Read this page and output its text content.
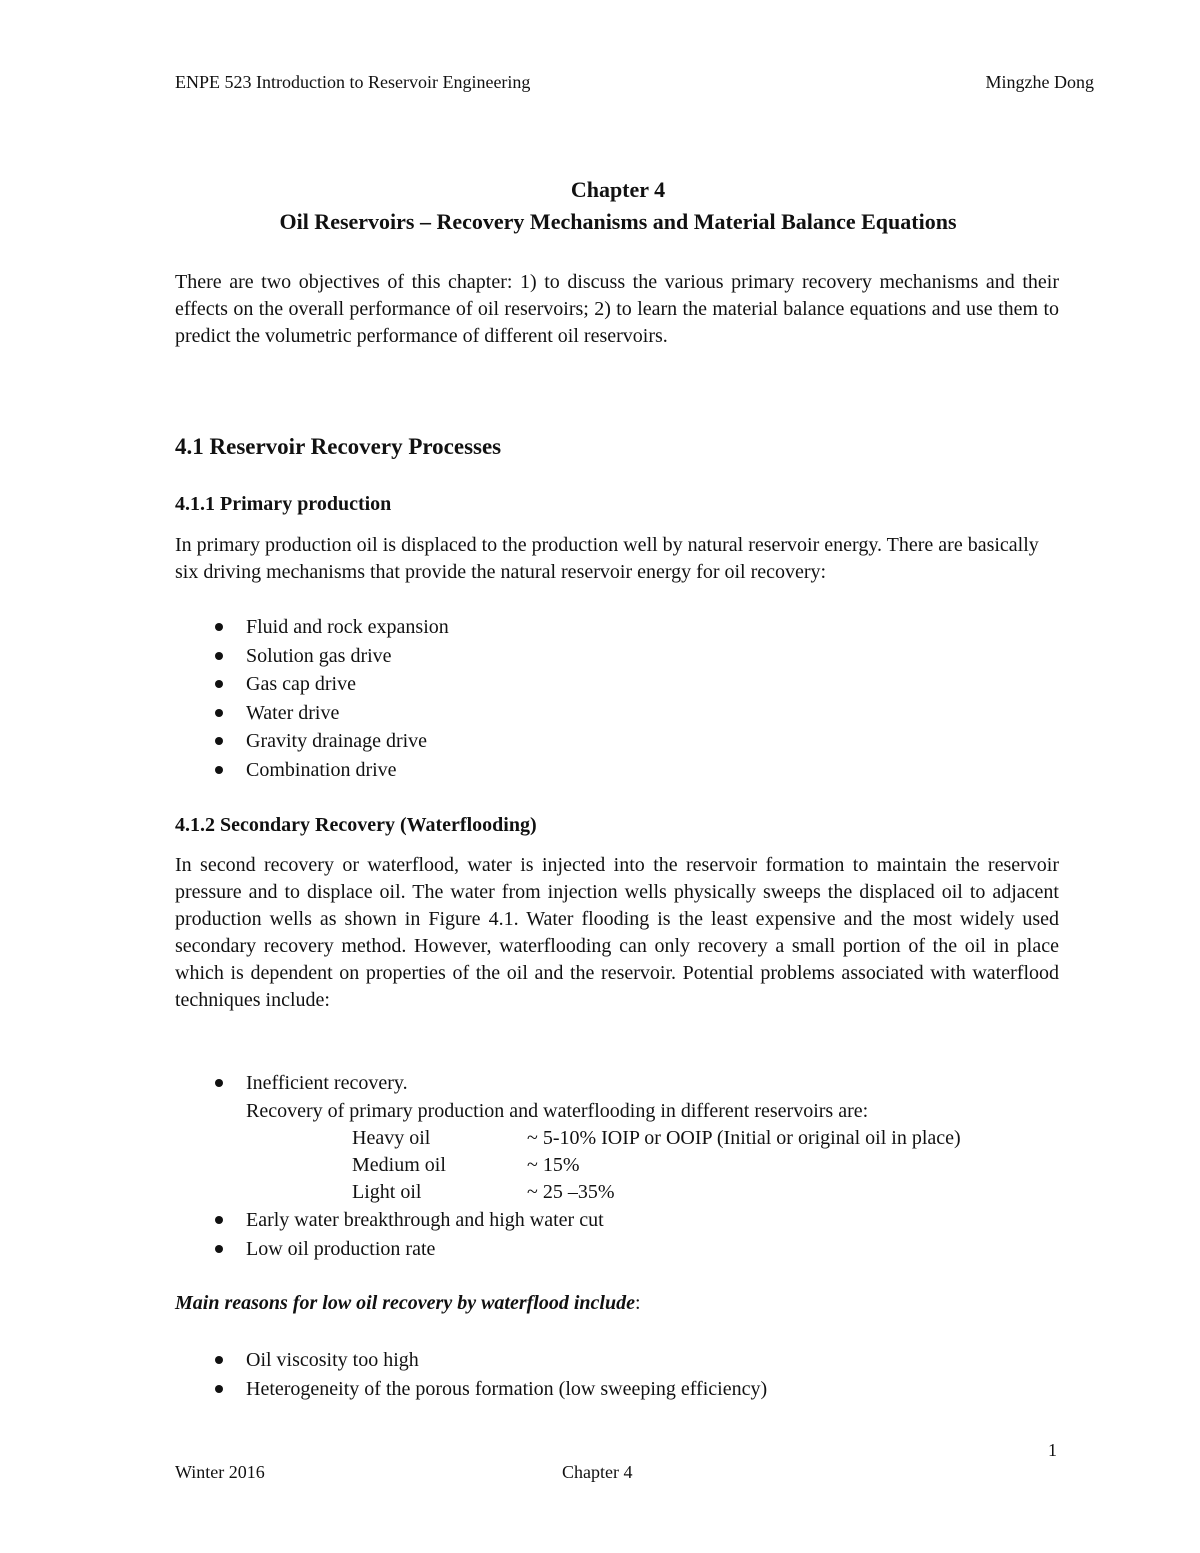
ENPE 523 Introduction to Reservoir Engineering	Mingzhe Dong
Chapter 4
Oil Reservoirs – Recovery Mechanisms and Material Balance Equations
There are two objectives of this chapter: 1) to discuss the various primary recovery mechanisms and their effects on the overall performance of oil reservoirs; 2) to learn the material balance equations and use them to predict the volumetric performance of different oil reservoirs.
4.1 Reservoir Recovery Processes
4.1.1 Primary production
In primary production oil is displaced to the production well by natural reservoir energy. There are basically six driving mechanisms that provide the natural reservoir energy for oil recovery:
Fluid and rock expansion
Solution gas drive
Gas cap drive
Water drive
Gravity drainage drive
Combination drive
4.1.2 Secondary Recovery (Waterflooding)
In second recovery or waterflood, water is injected into the reservoir formation to maintain the reservoir pressure and to displace oil. The water from injection wells physically sweeps the displaced oil to adjacent production wells as shown in Figure 4.1. Water flooding is the least expensive and the most widely used secondary recovery method. However, waterflooding can only recovery a small portion of the oil in place which is dependent on properties of the oil and the reservoir. Potential problems associated with waterflood techniques include:
Inefficient recovery.
Recovery of primary production and waterflooding in different reservoirs are:
Heavy oil	~ 5-10% IOIP or OOIP (Initial or original oil in place)
Medium oil	~ 15%
Light oil	~ 25 –35%
Early water breakthrough and high water cut
Low oil production rate
Main reasons for low oil recovery by waterflood include:
Oil viscosity too high
Heterogeneity of the porous formation (low sweeping efficiency)
1
Winter 2016	Chapter 4
